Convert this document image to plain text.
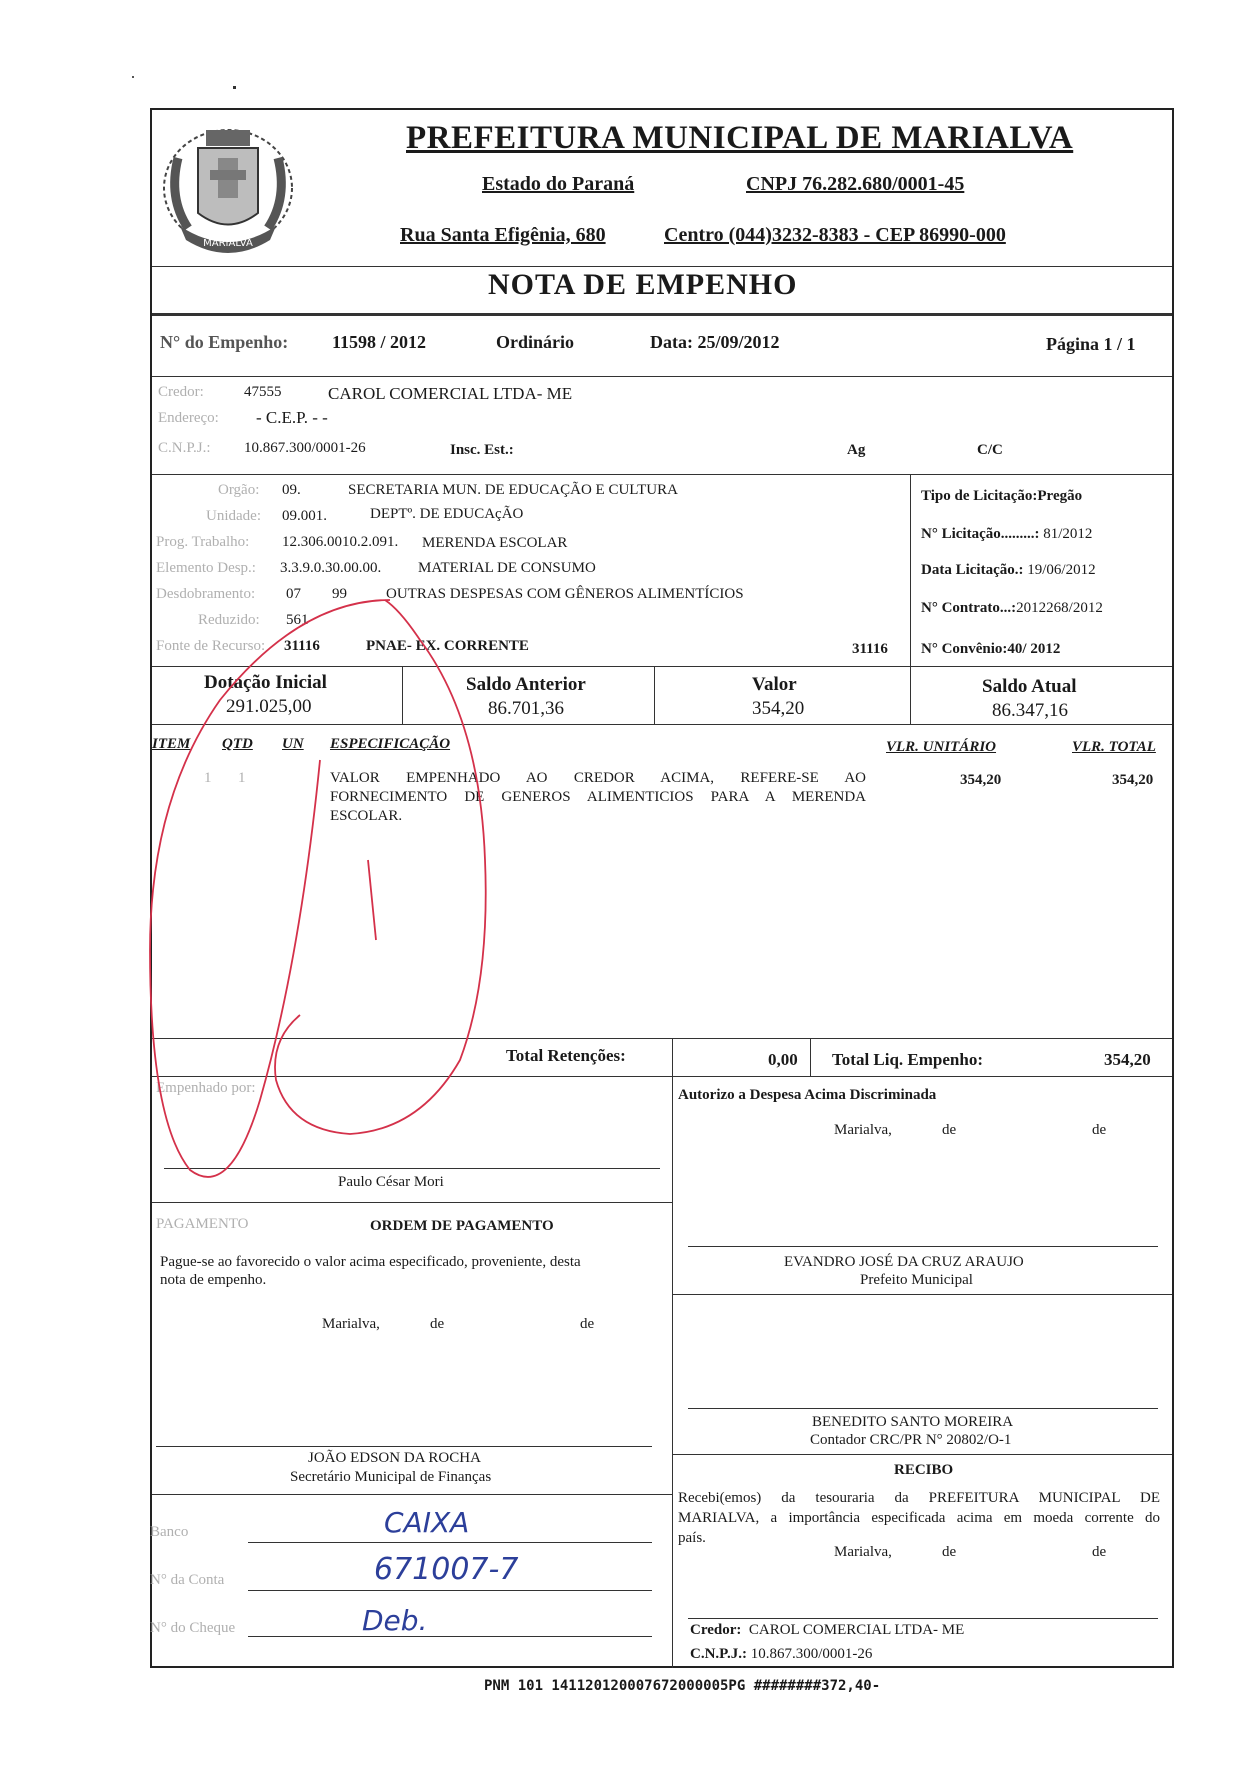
MARIALVA
PREFEITURA MUNICIPAL DE MARIALVA
Estado do Paraná	CNPJ 76.282.680/0001-45
Rua Santa Efigênia, 680	Centro (044)3232-8383 - CEP 86990-000
NOTA DE EMPENHO
N° do Empenho: 11598 / 2012	Ordinário	Data: 25/09/2012	Página 1 / 1
Credor:	47555	CAROL COMERCIAL LTDA- ME
Endereço: - C.E.P. - -
C.N.P.J.: 10.867.300/0001-26	Insc. Est.:	Ag	C/C
Orgão: 09.	SECRETARIA MUN. DE EDUCAÇÃO E CULTURA
Unidade: 09.001.	DEPTº. DE EDUCAçÃO
Prog. Trabalho: 12.306.0010.2.091. MERENDA ESCOLAR
Elemento Desp.: 3.3.9.0.30.00.00. MATERIAL DE CONSUMO
Desdobramento: 07 99	OUTRAS DESPESAS COM GÊNEROS ALIMENTÍCIOS
Reduzido: 561
Fonte de Recurso: 31116	PNAE- EX. CORRENTE	31116
Tipo de Licitação:Pregão
N° Licitação.........: 81/2012
Data Licitação.: 19/06/2012
N° Contrato...:2012268/2012
N° Convênio:40/ 2012
Dotação Inicial
291.025,00
Saldo Anterior
86.701,36
Valor
354,20
Saldo Atual
86.347,16
ITEM QTD UN ESPECIFICAÇÃO	VLR. UNITÁRIO	VLR. TOTAL
1 1	VALOR EMPENHADO AO CREDOR ACIMA, REFERE-SE AO
FORNECIMENTO DE GENEROS ALIMENTICIOS PARA A MERENDA
ESCOLAR.
354,20	354,20
Total Retenções:	0,00 Total Liq. Empenho:	354,20
Empenhado por:
Paulo César Mori
Autorizo a Despesa Acima Discriminada
Marialva,	de	de
EVANDRO JOSÉ DA CRUZ ARAUJO
Prefeito Municipal
BENEDITO SANTO MOREIRA
Contador CRC/PR N° 20802/O-1
PAGAMENTO	ORDEM DE PAGAMENTO
Pague-se ao favorecido o valor acima especificado, proveniente, desta
nota de empenho.
Marialva,	de	de
JOÃO EDSON DA ROCHA
Secretário Municipal de Finanças
Banco	CAIXA
N° da Conta	671007-7
N° do Cheque	Deb.
RECIBO
Recebi(emos) da tesouraria da PREFEITURA MUNICIPAL DE
MARIALVA, a importância especificada acima em moeda corrente do
país.
Marialva,	de	de
Credor: CAROL COMERCIAL LTDA- ME
C.N.P.J.: 10.867.300/0001-26
PNM 101 141120120007672000005PG ########372,40-
